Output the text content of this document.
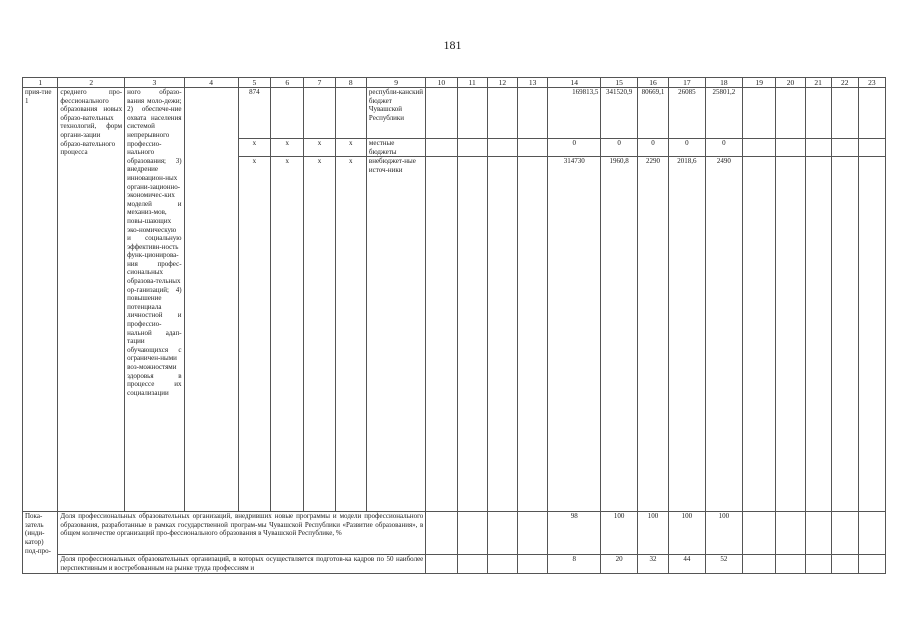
181
1	2	3	4	5	6	7	8	9	10	11	12	13	14	15	16	17	18	19	20	21	22	23
прия-тие 1	среднего про-фессионального образования новых образо-вательных технологий, форм органи-зации образо-вательного процесса	ного образо-вания моло-дежи; 2) обеспече-ние охвата населения системой непрерывного профессио-нального образования; 3) внедрение инновацион-ных органи-зационно-экономичес-ких моделей и механиз-мов, повы-шающих эко-номическую и социальную эффективн-ность функ-ционирова-ния профес-сиональных образова-тельных ор-ганизаций; 4) повышение потенциала личностной и профессио-нальной адап-тации обучающихся с ограничен-ными воз-можностями здоровья в процессе их социализации		874				республи-канский бюджет Чувашской Республики					169813,5	341520,9	80669,1	26085	25801,2					
				x	x	x	x	местные бюджеты					0	0	0	0	0					
				x	x	x	x	внебюджет-ные источ-ники					314730	1960,8	2290	2018,6	2490					
Пока-затель (инди-катор) под-про-	Доля профессиональных образовательных организаций, внедривших новые программы и модели профессионального образования, разработанные в рамках государственной програм-мы Чувашской Республики «Развитие образования», в общем количестве организаций про-фессионального образования в Чувашской Республике, %												98	100	100	100	100					
	Доля профессиональных образовательных организаций, в которых осуществляется подготов-ка кадров по 50 наиболее перспективным и востребованным на рынке труда профессиям и												8	20	32	44	52					
